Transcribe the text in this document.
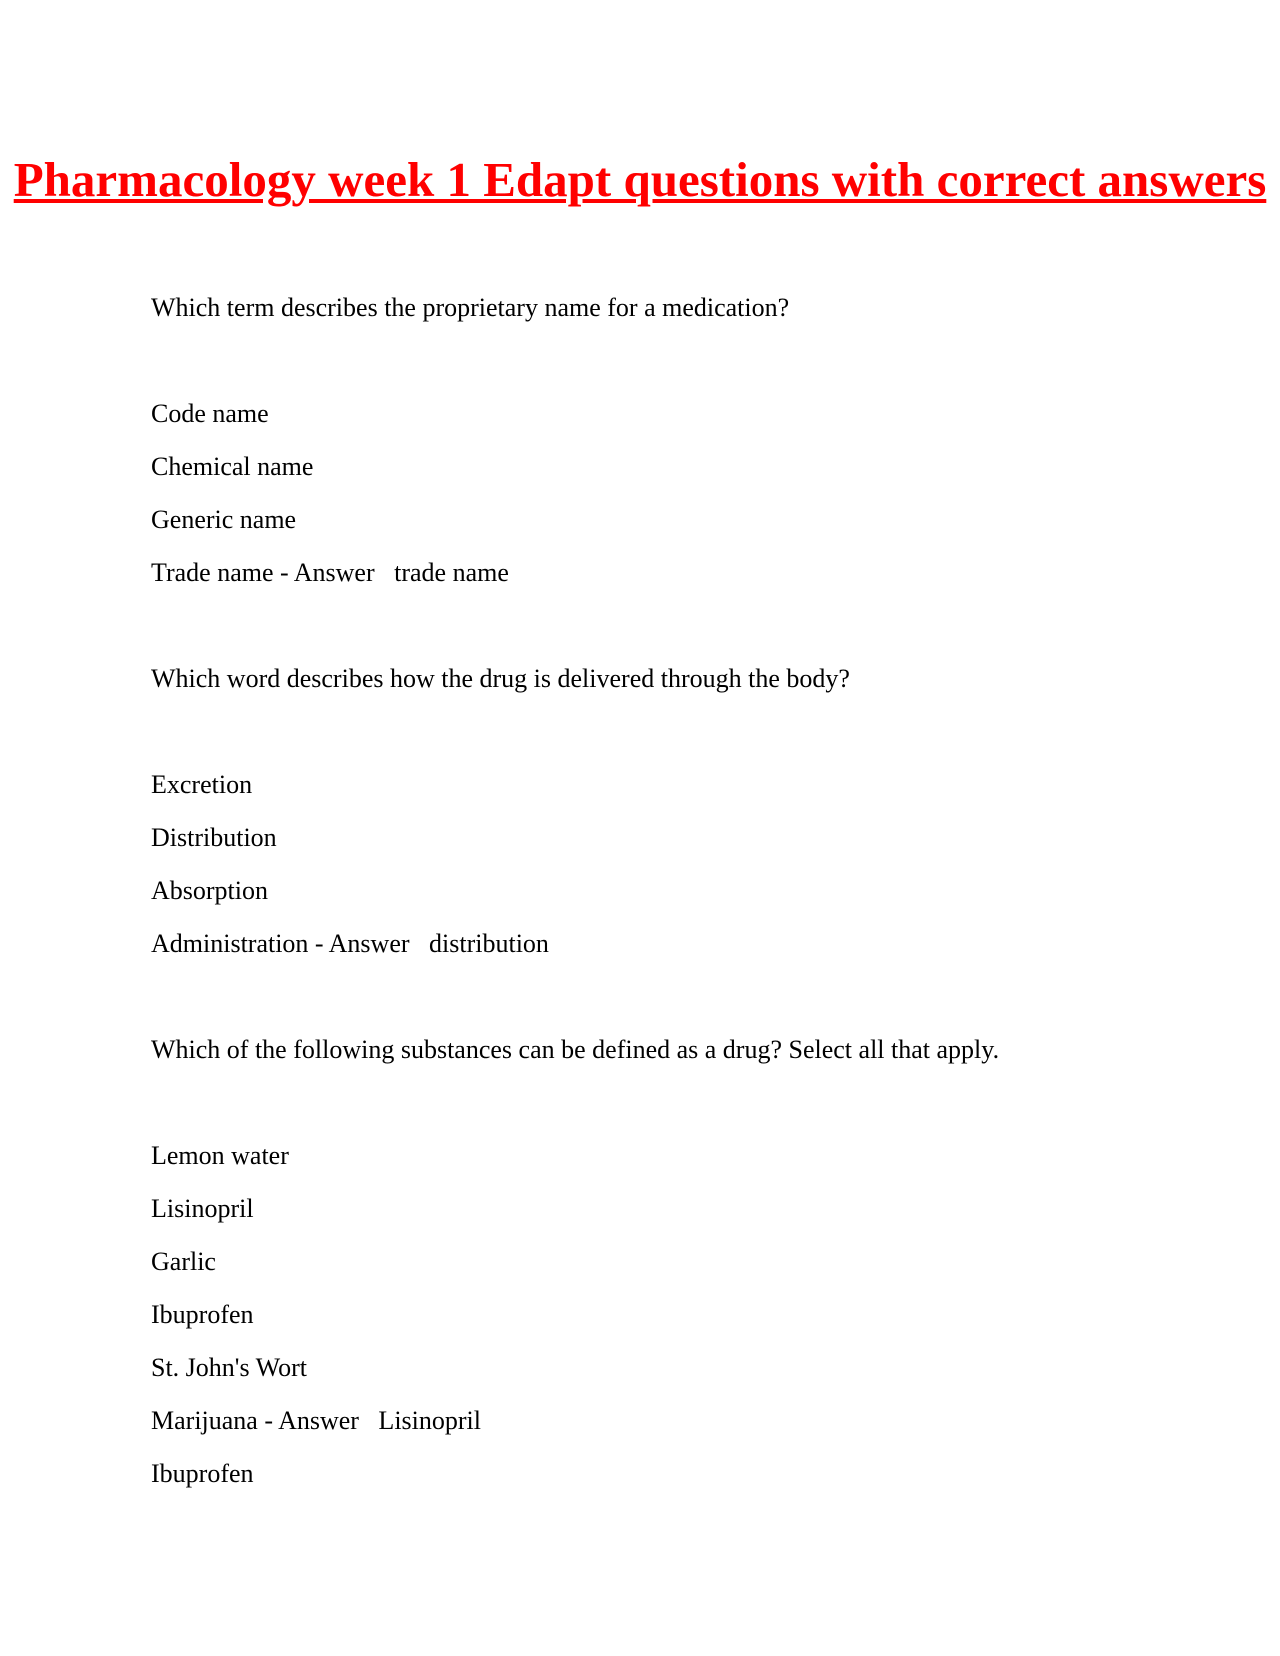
Pharmacology week 1 Edapt questions with correct answers
Which term describes the proprietary name for a medication?
Code name
Chemical name
Generic name
Trade name - Answer   trade name
Which word describes how the drug is delivered through the body?
Excretion
Distribution
Absorption
Administration - Answer   distribution
Which of the following substances can be defined as a drug? Select all that apply.
Lemon water
Lisinopril
Garlic
Ibuprofen
St. John's Wort
Marijuana - Answer   Lisinopril
Ibuprofen
